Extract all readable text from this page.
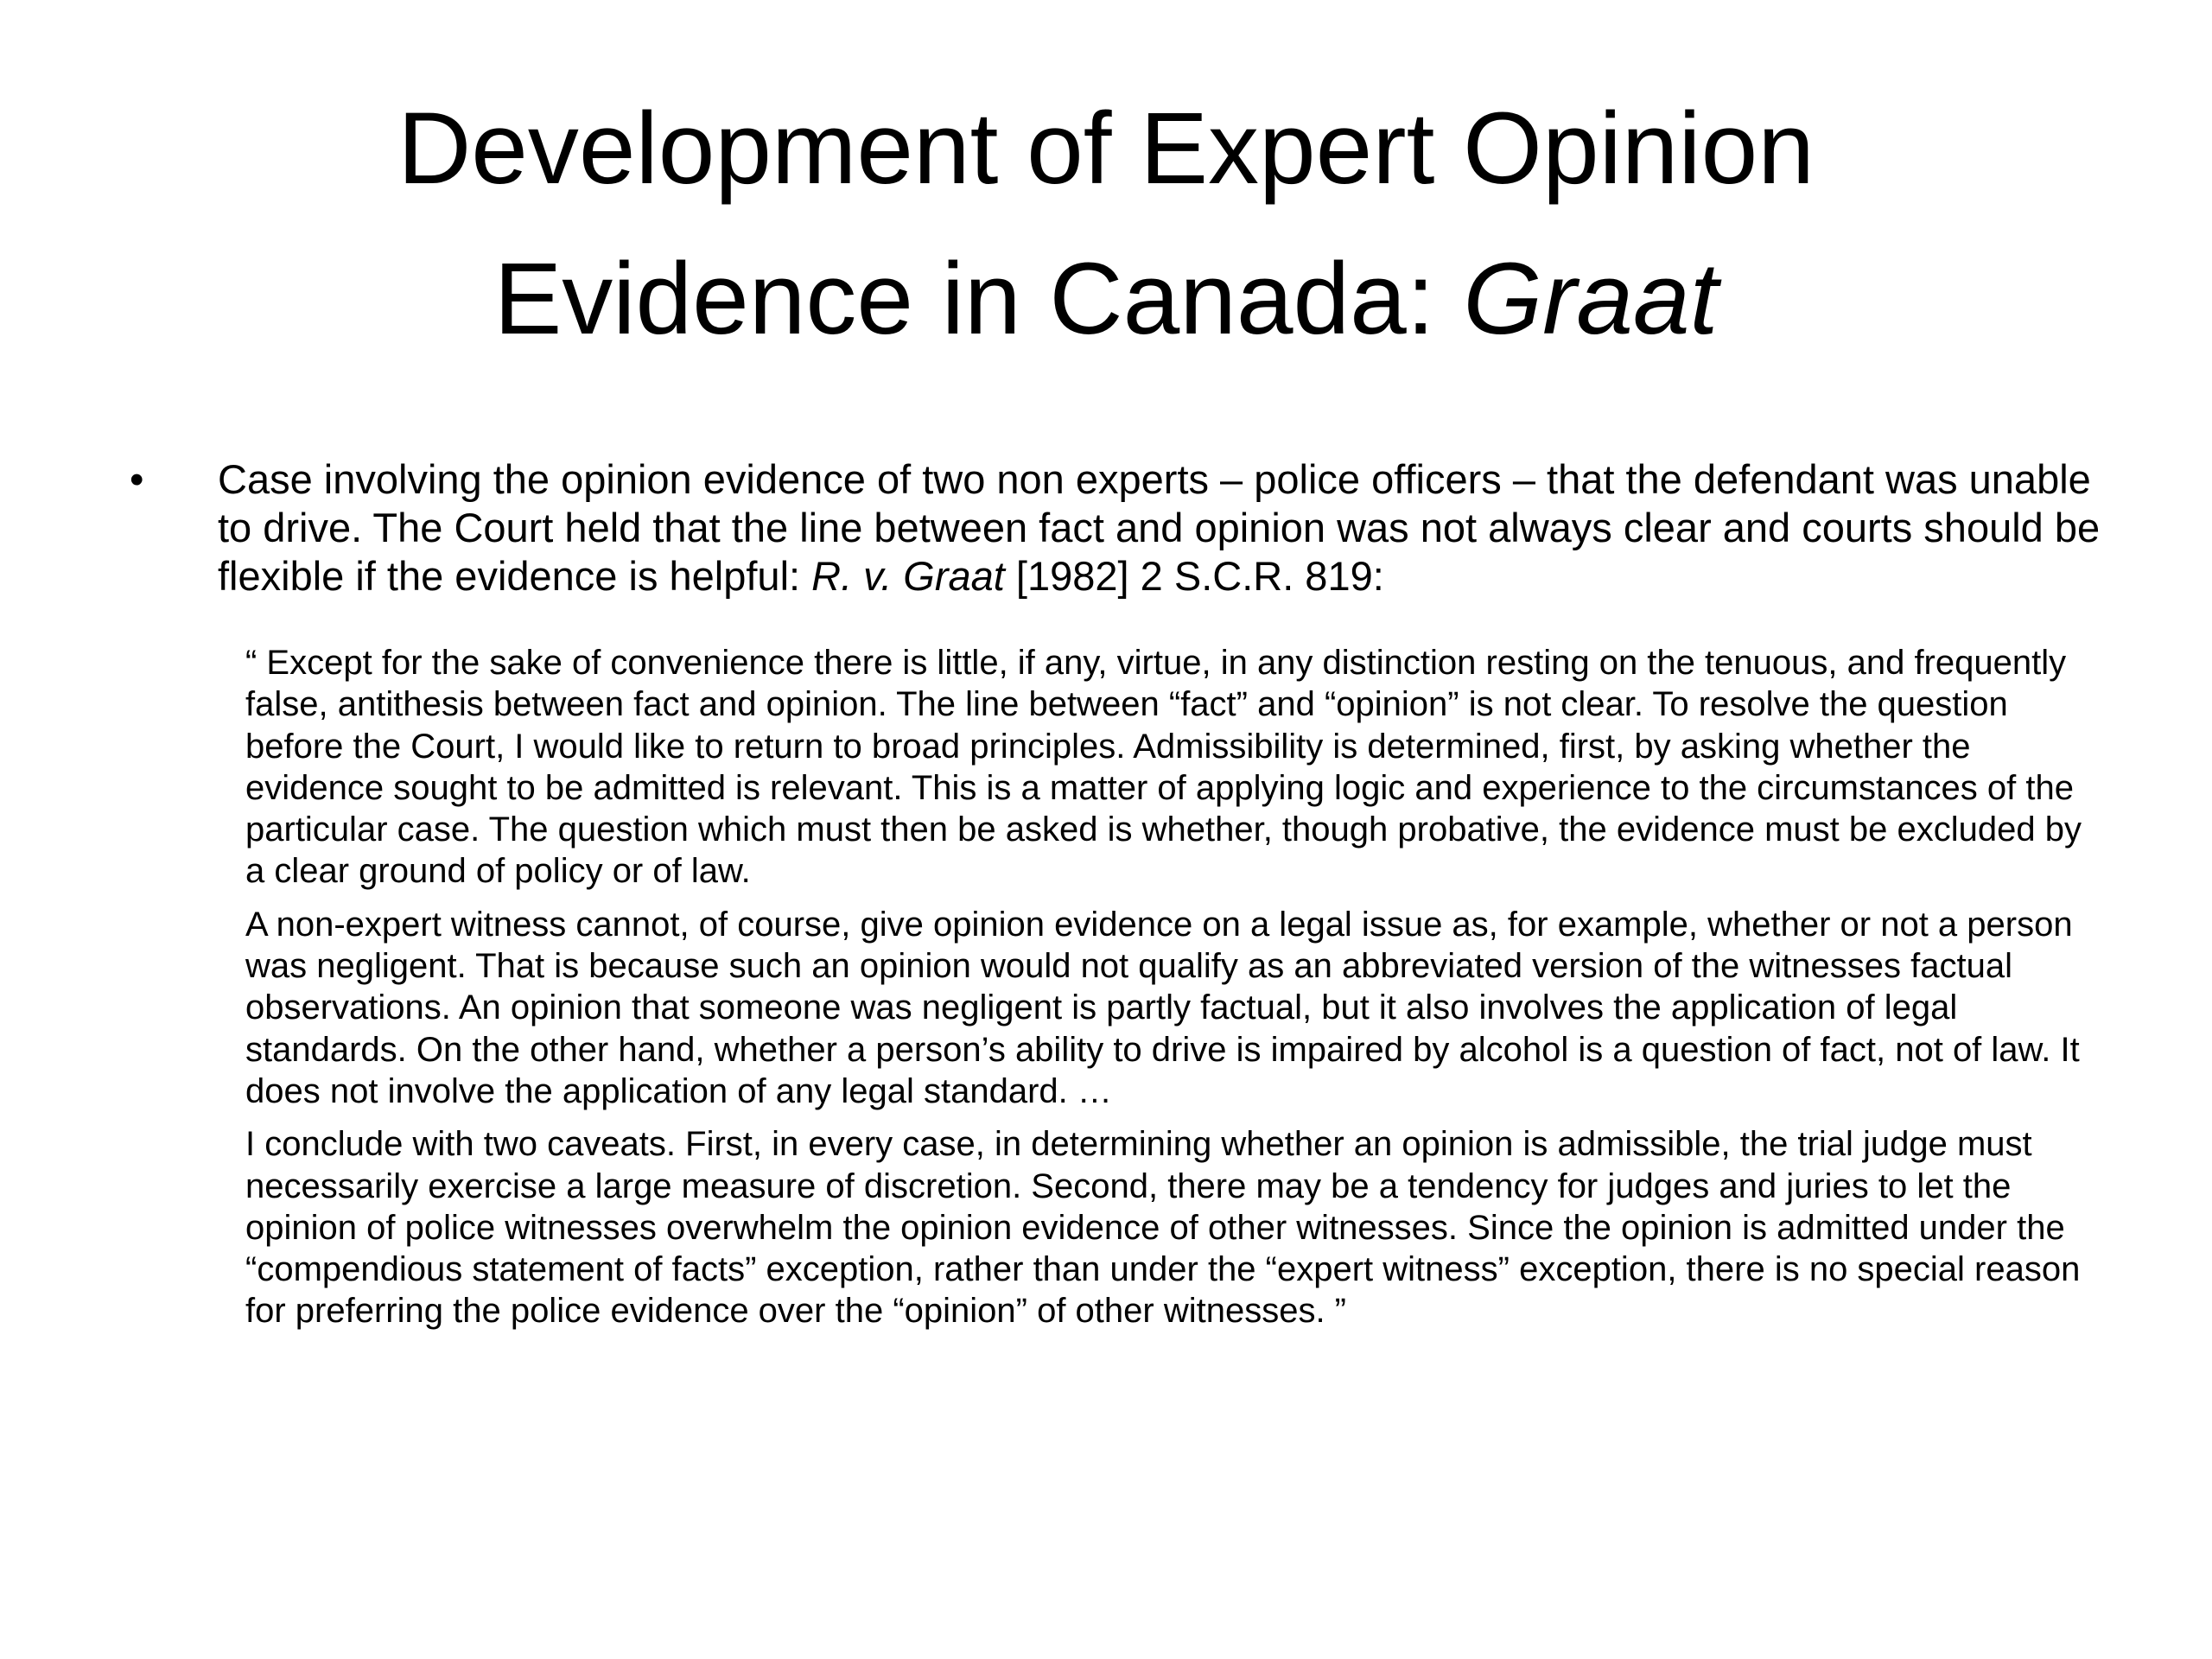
Development of Expert Opinion
Evidence in Canada: Graat
•	Case involving the opinion evidence of two non experts – police officers – that the defendant was unable to drive. The Court held that the line between fact and opinion was not always clear and courts should be flexible if the evidence is helpful: R. v. Graat [1982] 2 S.C.R. 819:

“ Except for the sake of convenience there is little, if any, virtue, in any distinction resting on the tenuous, and frequently false, antithesis between fact and opinion. The line between “fact” and “opinion” is not clear. To resolve the question before the Court, I would like to return to broad principles. Admissibility is determined, first, by asking whether the evidence sought to be admitted is relevant. This is a matter of applying logic and experience to the circumstances of the particular case. The question which must then be asked is whether, though probative, the evidence must be excluded by a clear ground of policy or of law.

A non-expert witness cannot, of course, give opinion evidence on a legal issue as, for example, whether or not a person was negligent. That is because such an opinion would not qualify as an abbreviated version of the witnesses factual observations. An opinion that someone was negligent is partly factual, but it also involves the application of legal standards. On the other hand, whether a person’s ability to drive is impaired by alcohol is a question of fact, not of law. It does not involve the application of any legal standard. …

I conclude with two caveats. First, in every case, in determining whether an opinion is admissible, the trial judge must necessarily exercise a large measure of discretion. Second, there may be a tendency for judges and juries to let the opinion of police witnesses overwhelm the opinion evidence of other witnesses. Since the opinion is admitted under the “compendious statement of facts” exception, rather than under the “expert witness” exception, there is no special reason for preferring the police evidence over the “opinion” of other witnesses. ”
